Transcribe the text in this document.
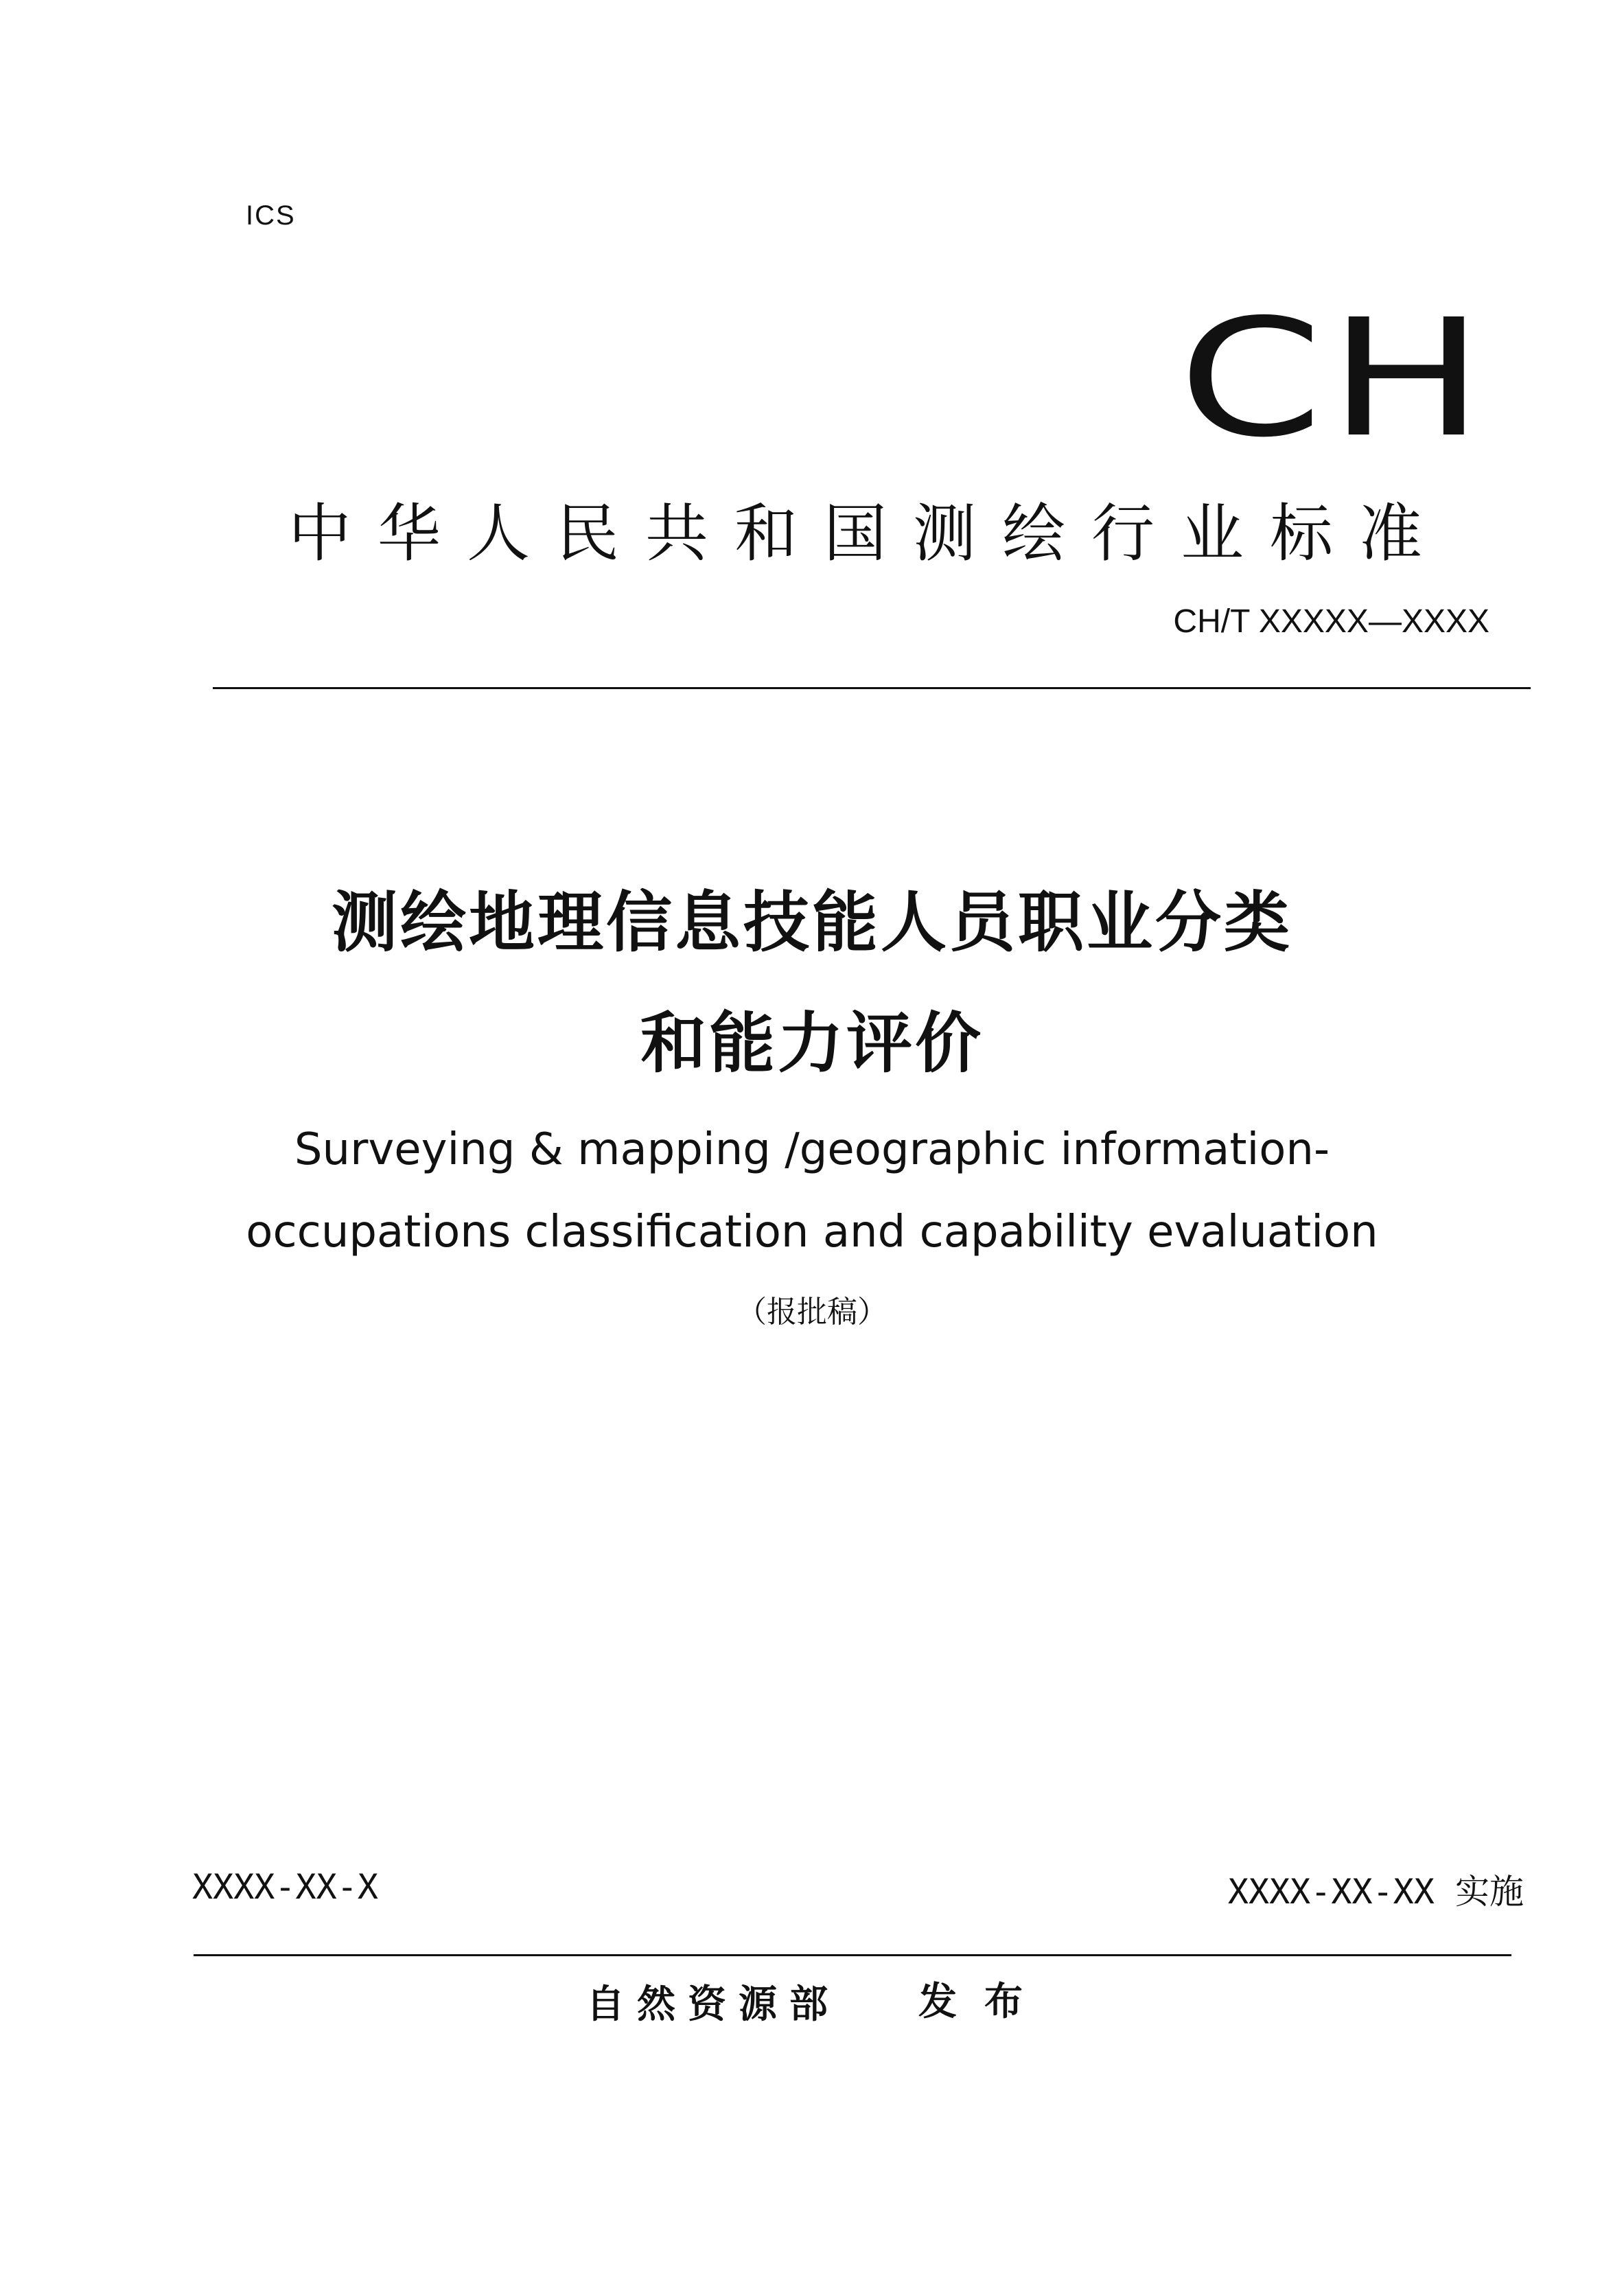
ICS
CH
中华人民共和国测绘行业标准
CH/T XXXXX—XXXX
测绘地理信息技能人员职业分类
和能力评价
Surveying & mapping /geographic information-
occupations classification and capability evaluation
（报批稿）
XXXX-XX-X	XXXX-XX-XX 实施
自然资源部 发布
